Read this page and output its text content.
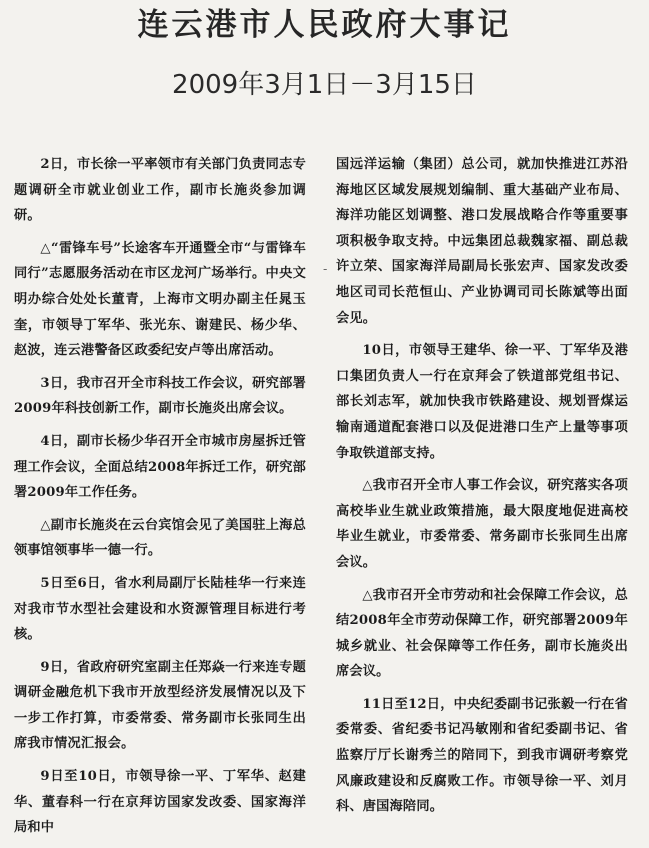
连云港市人民政府大事记
2009年3月1日－3月15日

2日，市长徐一平率领市有关部门负责同志专题调研全市就业创业工作，副市长施炎参加调研。

△“雷锋车号”长途客车开通暨全市“与雷锋车同行”志愿服务活动在市区龙河广场举行。中央文明办综合处处长董青，上海市文明办副主任晁玉奎，市领导丁军华、张光东、谢建民、杨少华、赵波，连云港警备区政委纪安卢等出席活动。

3日，我市召开全市科技工作会议，研究部署2009年科技创新工作，副市长施炎出席会议。

4日，副市长杨少华召开全市城市房屋拆迁管理工作会议，全面总结2008年拆迁工作，研究部署2009年工作任务。

△副市长施炎在云台宾馆会见了美国驻上海总领事馆领事毕一德一行。

5日至6日，省水利局副厅长陆桂华一行来连对我市节水型社会建设和水资源管理目标进行考核。

9日，省政府研究室副主任郑焱一行来连专题调研金融危机下我市开放型经济发展情况以及下一步工作打算，市委常委、常务副市长张同生出席我市情况汇报会。

9日至10日，市领导徐一平、丁军华、赵建华、董春科一行在京拜访国家发改委、国家海洋局和中

-

国远洋运输（集团）总公司，就加快推进江苏沿海地区区域发展规划编制、重大基础产业布局、海洋功能区划调整、港口发展战略合作等重要事项积极争取支持。中远集团总裁魏家福、副总裁许立荣、国家海洋局副局长张宏声、国家发改委地区司司长范恒山、产业协调司司长陈斌等出面会见。

10日，市领导王建华、徐一平、丁军华及港口集团负责人一行在京拜会了铁道部党组书记、部长刘志军，就加快我市铁路建设、规划晋煤运输南通道配套港口以及促进港口生产上量等事项争取铁道部支持。

△我市召开全市人事工作会议，研究落实各项高校毕业生就业政策措施，最大限度地促进高校毕业生就业，市委常委、常务副市长张同生出席会议。

△我市召开全市劳动和社会保障工作会议，总结2008年全市劳动保障工作，研究部署2009年城乡就业、社会保障等工作任务，副市长施炎出席会议。

11日至12日，中央纪委副书记张毅一行在省委常委、省纪委书记冯敏刚和省纪委副书记、省监察厅厅长谢秀兰的陪同下，到我市调研考察党风廉政建设和反腐败工作。市领导徐一平、刘月科、唐国海陪同。
